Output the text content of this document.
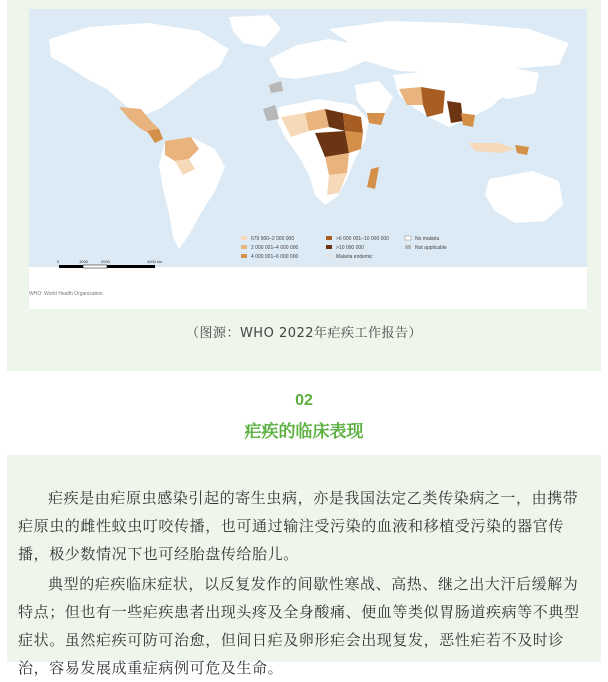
679 900–2 000 000
2 000 001–4 000 000
4 000 001–6 000 000
>6 000 001–10 000 000
>10 000 000
Malaria endemic
No malaria
Not applicable
0	1000	2000	4000 km
WHO: World Health Organization.
（图源：WHO 2022年疟疾工作报告）
02
疟疾的临床表现

疟疾是由疟原虫感染引起的寄生虫病，亦是我国法定乙类传染病之一，由携带疟原虫的雌性蚊虫叮咬传播，也可通过输注受污染的血液和移植受污染的器官传播，极少数情况下也可经胎盘传给胎儿。

典型的疟疾临床症状，以反复发作的间歇性寒战、高热、继之出大汗后缓解为特点；但也有一些疟疾患者出现头疼及全身酸痛、便血等类似胃肠道疾病等不典型症状。虽然疟疾可防可治愈，但间日疟及卵形疟会出现复发，恶性疟若不及时诊治，容易发展成重症病例可危及生命。
